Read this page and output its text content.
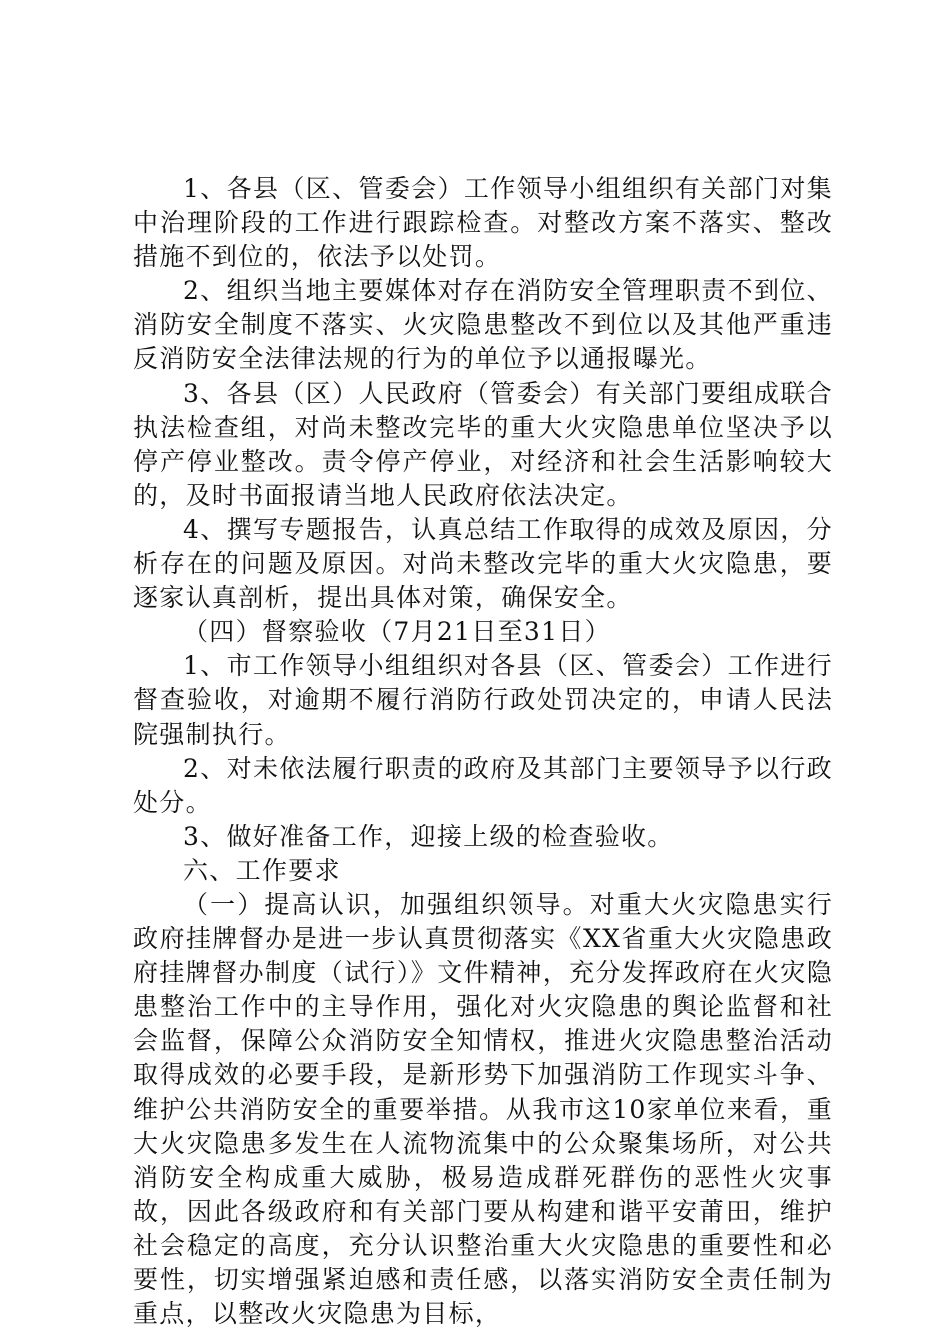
1、各县（区、管委会）工作领导小组组织有关部门对集中治理阶段的工作进行跟踪检查。对整改方案不落实、整改措施不到位的，依法予以处罚。

2、组织当地主要媒体对存在消防安全管理职责不到位、消防安全制度不落实、火灾隐患整改不到位以及其他严重违反消防安全法律法规的行为的单位予以通报曝光。

3、各县（区）人民政府（管委会）有关部门要组成联合执法检查组，对尚未整改完毕的重大火灾隐患单位坚决予以停产停业整改。责令停产停业，对经济和社会生活影响较大的，及时书面报请当地人民政府依法决定。

4、撰写专题报告，认真总结工作取得的成效及原因，分析存在的问题及原因。对尚未整改完毕的重大火灾隐患，要逐家认真剖析，提出具体对策，确保安全。

（四）督察验收（7月21日至31日）

1、市工作领导小组组织对各县（区、管委会）工作进行督查验收，对逾期不履行消防行政处罚决定的，申请人民法院强制执行。

2、对未依法履行职责的政府及其部门主要领导予以行政处分。

3、做好准备工作，迎接上级的检查验收。

六、工作要求

（一）提高认识，加强组织领导。对重大火灾隐患实行政府挂牌督办是进一步认真贯彻落实《XX省重大火灾隐患政府挂牌督办制度（试行）》文件精神，充分发挥政府在火灾隐患整治工作中的主导作用，强化对火灾隐患的舆论监督和社会监督，保障公众消防安全知情权，推进火灾隐患整治活动取得成效的必要手段，是新形势下加强消防工作现实斗争、维护公共消防安全的重要举措。从我市这10家单位来看，重大火灾隐患多发生在人流物流集中的公众聚集场所，对公共消防安全构成重大威胁，极易造成群死群伤的恶性火灾事故，因此各级政府和有关部门要从构建和谐平安莆田，维护社会稳定的高度，充分认识整治重大火灾隐患的重要性和必要性，切实增强紧迫感和责任感，以落实消防安全责任制为重点，以整改火灾隐患为目标，
